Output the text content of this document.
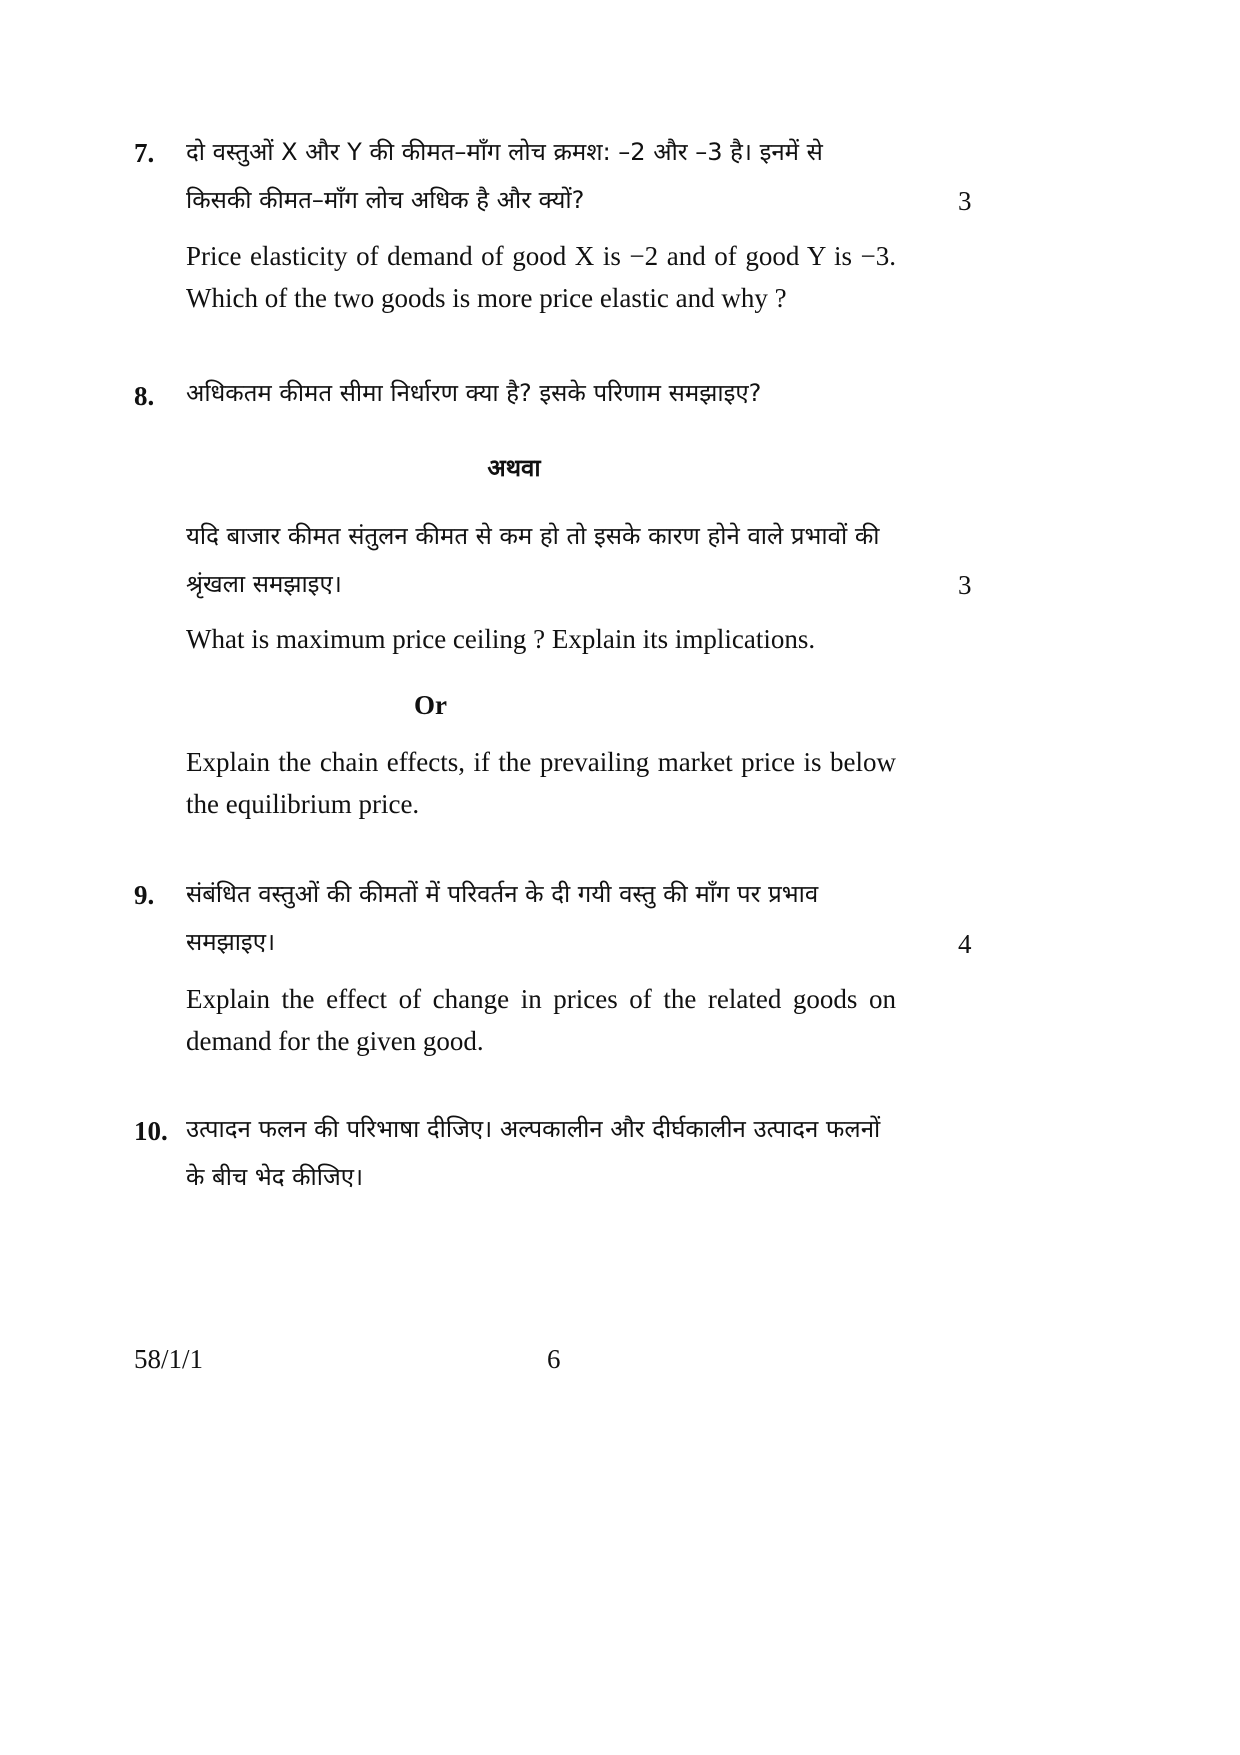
7. दो वस्तुओं X और Y की कीमत–माँग लोच क्रमश: –2 और –3 है। इनमें से
किसकी कीमत–माँग लोच अधिक है और क्यों?	3
Price elasticity of demand of good X is −2 and of good Y is −3. Which of the two goods is more price elastic and why ?
8. अधिकतम कीमत सीमा निर्धारण क्या है? इसके परिणाम समझाइए?
अथवा
यदि बाजार कीमत संतुलन कीमत से कम हो तो इसके कारण होने वाले प्रभावों की
श्रृंखला समझाइए।	3
What is maximum price ceiling ? Explain its implications.
Or
Explain the chain effects, if the prevailing market price is below the equilibrium price.
9. संबंधित वस्तुओं की कीमतों में परिवर्तन के दी गयी वस्तु की माँग पर प्रभाव
समझाइए।	4
Explain the effect of change in prices of the related goods on demand for the given good.
10. उत्पादन फलन की परिभाषा दीजिए। अल्पकालीन और दीर्घकालीन उत्पादन फलनों
के बीच भेद कीजिए।
58/1/1	6
